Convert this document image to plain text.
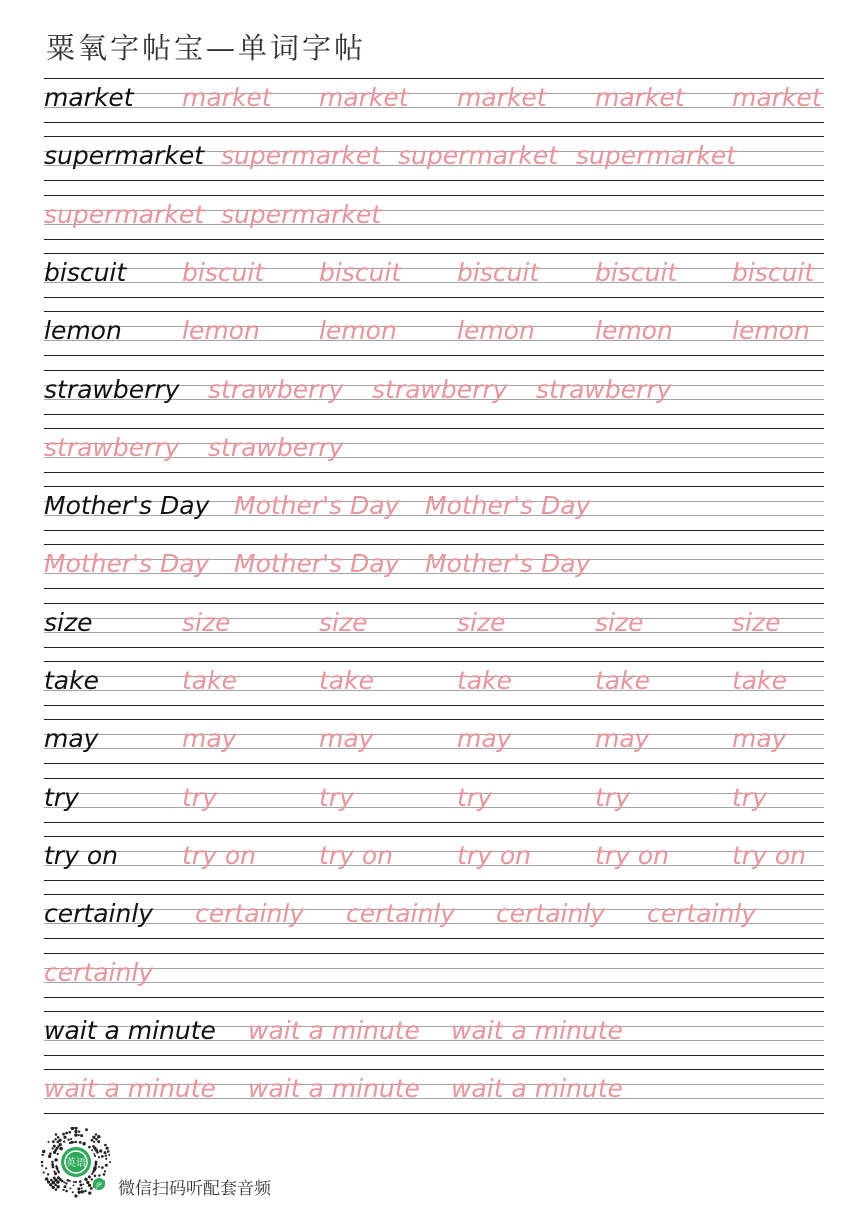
粟氧字帖宝—单词字帖
market market market market market market
supermarket supermarket supermarket supermarket
supermarket supermarket
biscuit biscuit biscuit biscuit biscuit biscuit
lemon lemon lemon lemon lemon lemon
strawberry strawberry strawberry strawberry
strawberry strawberry
Mother's Day Mother's Day Mother's Day
Mother's Day Mother's Day Mother's Day
size	size	size	size	size	size
take	take	take	take	take	take
may	may	may	may	may	may
try	try	try	try	try	try
try on	try on	try on	try on	try on	try on
certainly certainly certainly certainly certainly
certainly
wait a minute wait a minute wait a minute
wait a minute wait a minute wait a minute
英语
JP 微信扫码听配套音频
